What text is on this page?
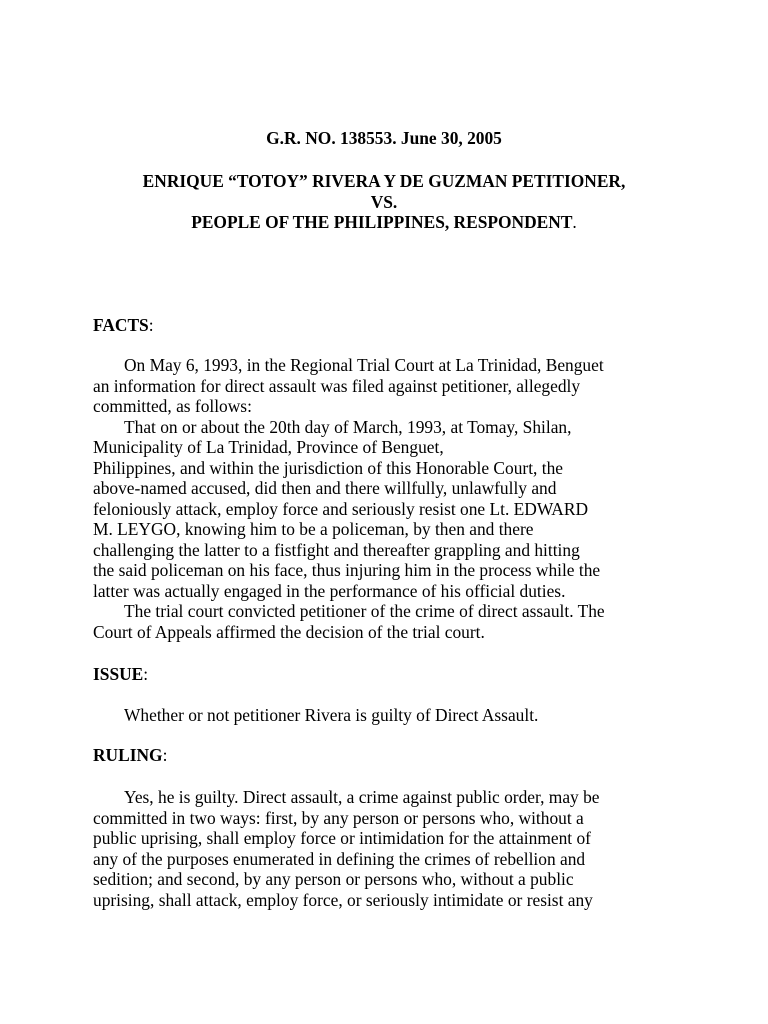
G.R. NO. 138553. June 30, 2005
ENRIQUE “TOTOY” RIVERA Y DE GUZMAN PETITIONER,
VS.
PEOPLE OF THE PHILIPPINES, RESPONDENT.
FACTS:
On May 6, 1993, in the Regional Trial Court at La Trinidad, Benguet
an information for direct assault was filed against petitioner, allegedly
committed, as follows:
That on or about the 20th day of March, 1993, at Tomay, Shilan,
Municipality of La Trinidad, Province of Benguet,
Philippines, and within the jurisdiction of this Honorable Court, the
above-named accused, did then and there willfully, unlawfully and
feloniously attack, employ force and seriously resist one Lt. EDWARD
M. LEYGO, knowing him to be a policeman, by then and there
challenging the latter to a fistfight and thereafter grappling and hitting
the said policeman on his face, thus injuring him in the process while the
latter was actually engaged in the performance of his official duties.
The trial court convicted petitioner of the crime of direct assault. The
Court of Appeals affirmed the decision of the trial court.
ISSUE:
Whether or not petitioner Rivera is guilty of Direct Assault.
RULING:
Yes, he is guilty. Direct assault, a crime against public order, may be
committed in two ways: first, by any person or persons who, without a
public uprising, shall employ force or intimidation for the attainment of
any of the purposes enumerated in defining the crimes of rebellion and
sedition; and second, by any person or persons who, without a public
uprising, shall attack, employ force, or seriously intimidate or resist any
